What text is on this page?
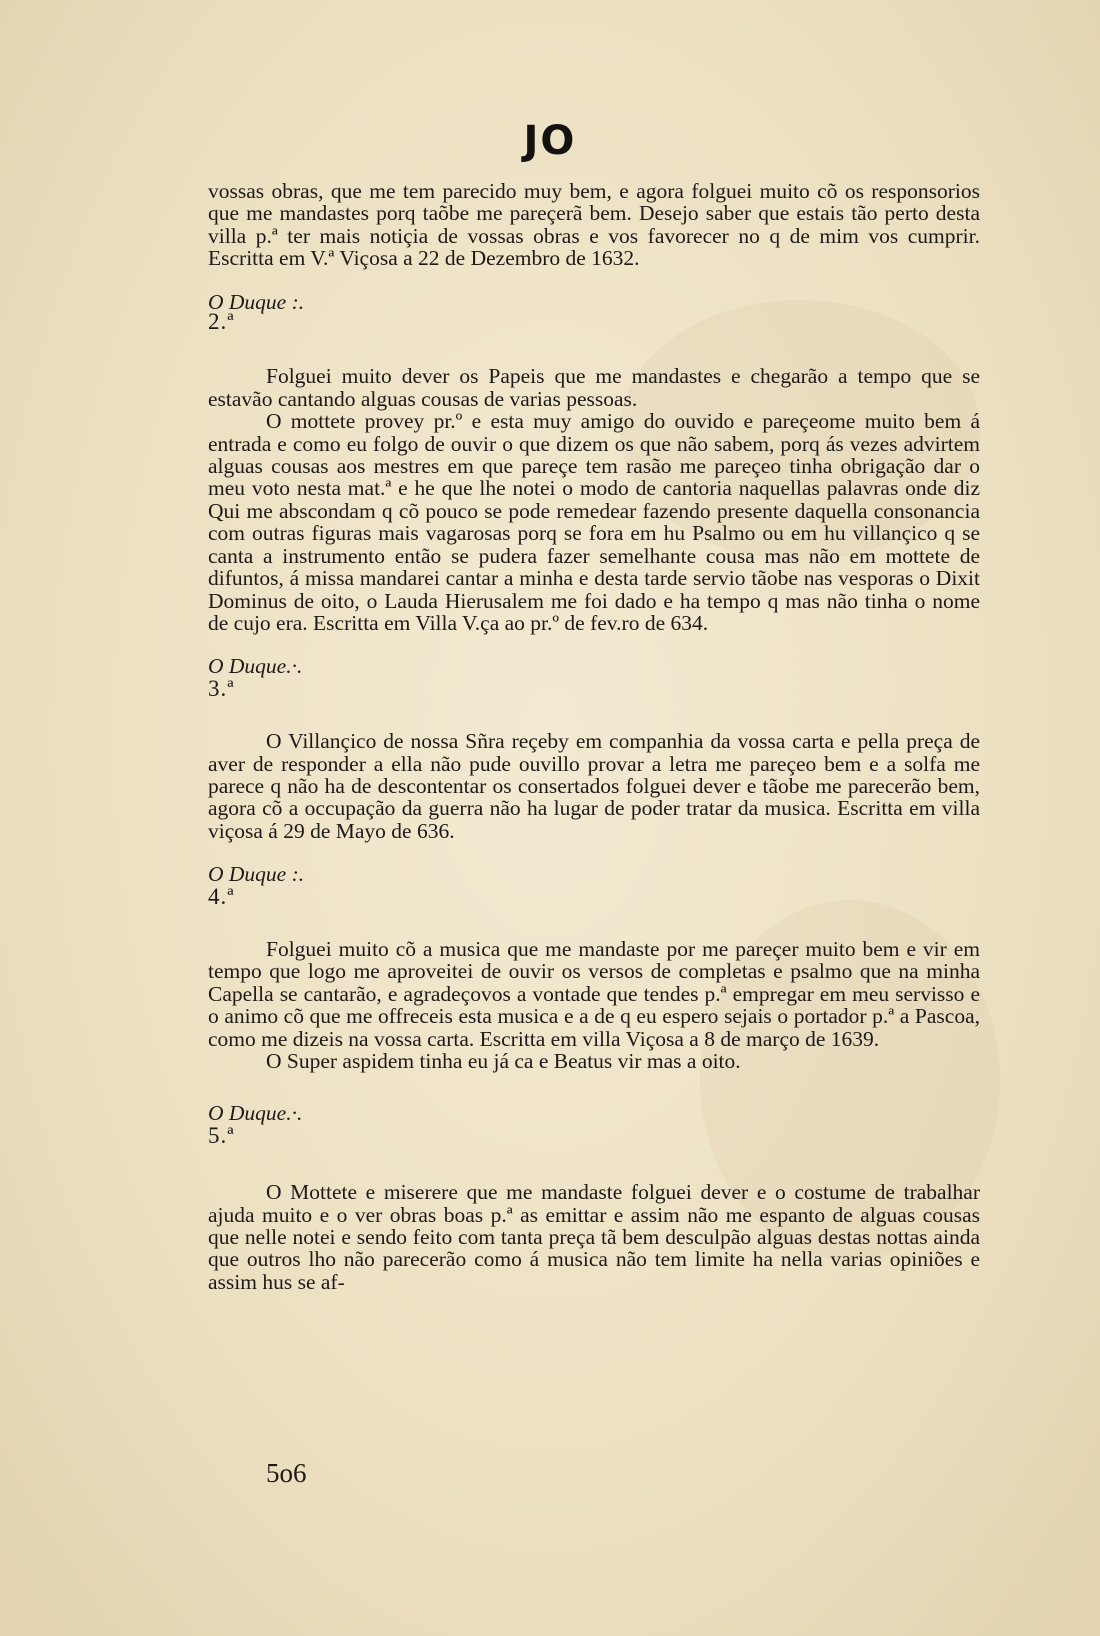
JO

vossas obras, que me tem parecido muy bem, e agora folguei muito cõ os responsorios que me mandastes porq taõbe me pareçerã bem. Desejo saber que estais tão perto desta villa p.ª ter mais notiçia de vossas obras e vos favorecer no q de mim vos cumprir. Escritta em V.ª Viçosa a 22 de Dezembro de 1632.

O Duque :.

2.ª

Folguei muito dever os Papeis que me mandastes e chegarão a tempo que se estavão cantando alguas cousas de varias pessoas.

O mottete provey pr.º e esta muy amigo do ouvido e pareçeome muito bem á entrada e como eu folgo de ouvir o que dizem os que não sabem, porq ás vezes advirtem alguas cousas aos mestres em que pareçe tem rasão me pareçeo tinha obrigação dar o meu voto nesta mat.ª e he que lhe notei o modo de cantoria naquellas palavras onde diz Qui me abscondam q cõ pouco se pode remedear fazendo presente daquella consonancia com outras figuras mais vagarosas porq se fora em hu Psalmo ou em hu villançico q se canta a instrumento então se pudera fazer semelhante cousa mas não em mottete de difuntos, á missa mandarei cantar a minha e desta tarde servio tãobe nas vesporas o Dixit Dominus de oito, o Lauda Hierusalem me foi dado e ha tempo q mas não tinha o nome de cujo era. Escritta em Villa V.ça ao pr.º de fev.ro de 634.

O Duque.·.

3.ª

O Villançico de nossa Sñra reçeby em companhia da vossa carta e pella preça de aver de responder a ella não pude ouvillo provar a letra me pareçeo bem e a solfa me parece q não ha de descontentar os consertados folguei dever e tãobe me parecerão bem, agora cõ a occupação da guerra não ha lugar de poder tratar da musica. Escritta em villa viçosa á 29 de Mayo de 636.

O Duque :.

4.ª

Folguei muito cõ a musica que me mandaste por me pareçer muito bem e vir em tempo que logo me aproveitei de ouvir os versos de completas e psalmo que na minha Capella se cantarão, e agradeçovos a vontade que tendes p.ª empregar em meu servisso e o animo cõ que me offreceis esta musica e a de q eu espero sejais o portador p.ª a Pascoa, como me dizeis na vossa carta. Escritta em villa Viçosa a 8 de março de 1639.

O Super aspidem tinha eu já ca e Beatus vir mas a oito.

O Duque.·.

5.ª

O Mottete e miserere que me mandaste folguei dever e o costume de trabalhar ajuda muito e o ver obras boas p.ª as emittar e assim não me espanto de alguas cousas que nelle notei e sendo feito com tanta preça tã bem desculpão alguas destas nottas ainda que outros lho não parecerão como á musica não tem limite ha nella varias opiniões e assim hus se af-

5o6
